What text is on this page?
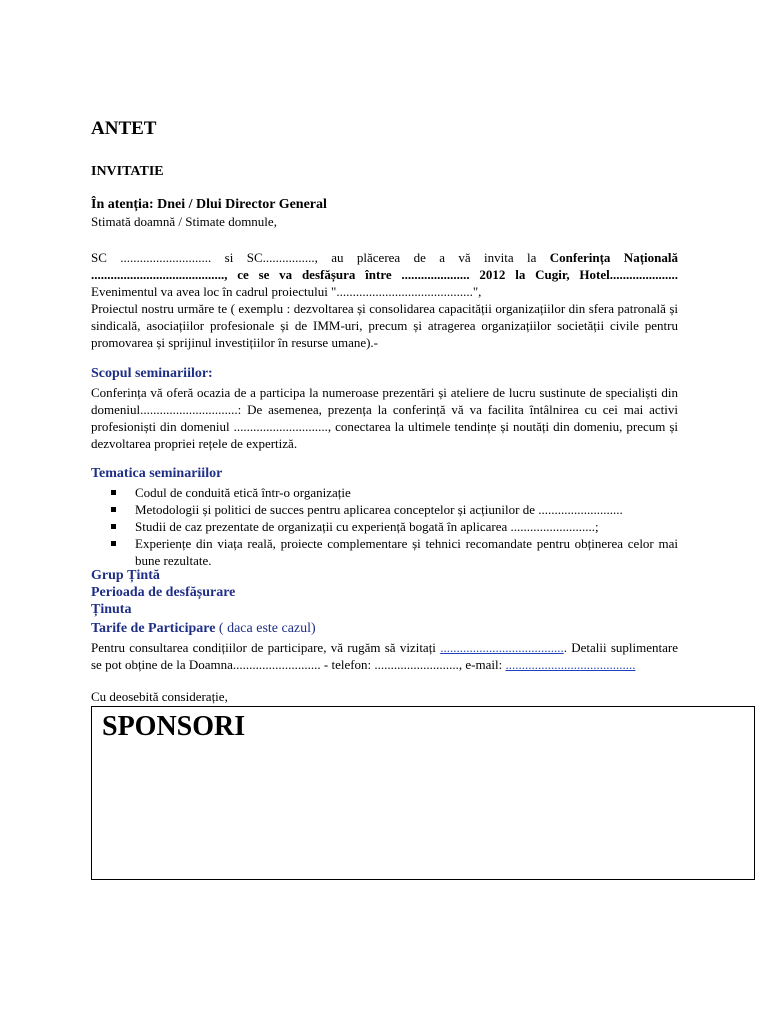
ANTET

INVITATIE

În atenția: Dnei / Dlui Director General

Stimată doamnă / Stimate domnule,

SC ............................ si SC................, au plăcerea de a vă invita la Conferința Națională ........................................., ce se va desfășura între ..................... 2012 la Cugir, Hotel..................... Evenimentul va avea loc în cadrul proiectului "..........................................",
Proiectul nostru urmăre te ( exemplu : dezvoltarea și consolidarea capacității organizațiilor din sfera patronală și sindicală, asociațiilor profesionale și de IMM-uri, precum și atragerea organizațiilor societății civile pentru promovarea și sprijinul investițiilor în resurse umane).-

Scopul seminariilor:

Conferința vă oferă ocazia de a participa la numeroase prezentări și ateliere de lucru sustinute de specialiști din domeniul..............................: De asemenea, prezența la conferință vă va facilita întâlnirea cu cei mai activi profesioniști din domeniul ............................., conectarea la ultimele tendințe și noutăți din domeniu, precum și dezvoltarea propriei rețele de expertiză.

Tematica seminariilor

Codul de conduită etică într-o organizație
Metodologii și politici de succes pentru aplicarea conceptelor și acțiunilor de ..........................
Studii de caz prezentate de organizații cu experiență bogată în aplicarea ..........................;
Experiențe din viața reală, proiecte complementare și tehnici recomandate pentru obținerea celor mai bune rezultate.

Grup Țintă

Perioada de desfășurare

Ținuta

Tarife de Participare ( daca este cazul)

Pentru consultarea condițiilor de participare, vă rugăm să vizitați ....................................... Detalii suplimentare se pot obține de la Doamna........................... - telefon: .........................., e-mail: ........................................

Cu deosebită considerație,

SPONSORI
